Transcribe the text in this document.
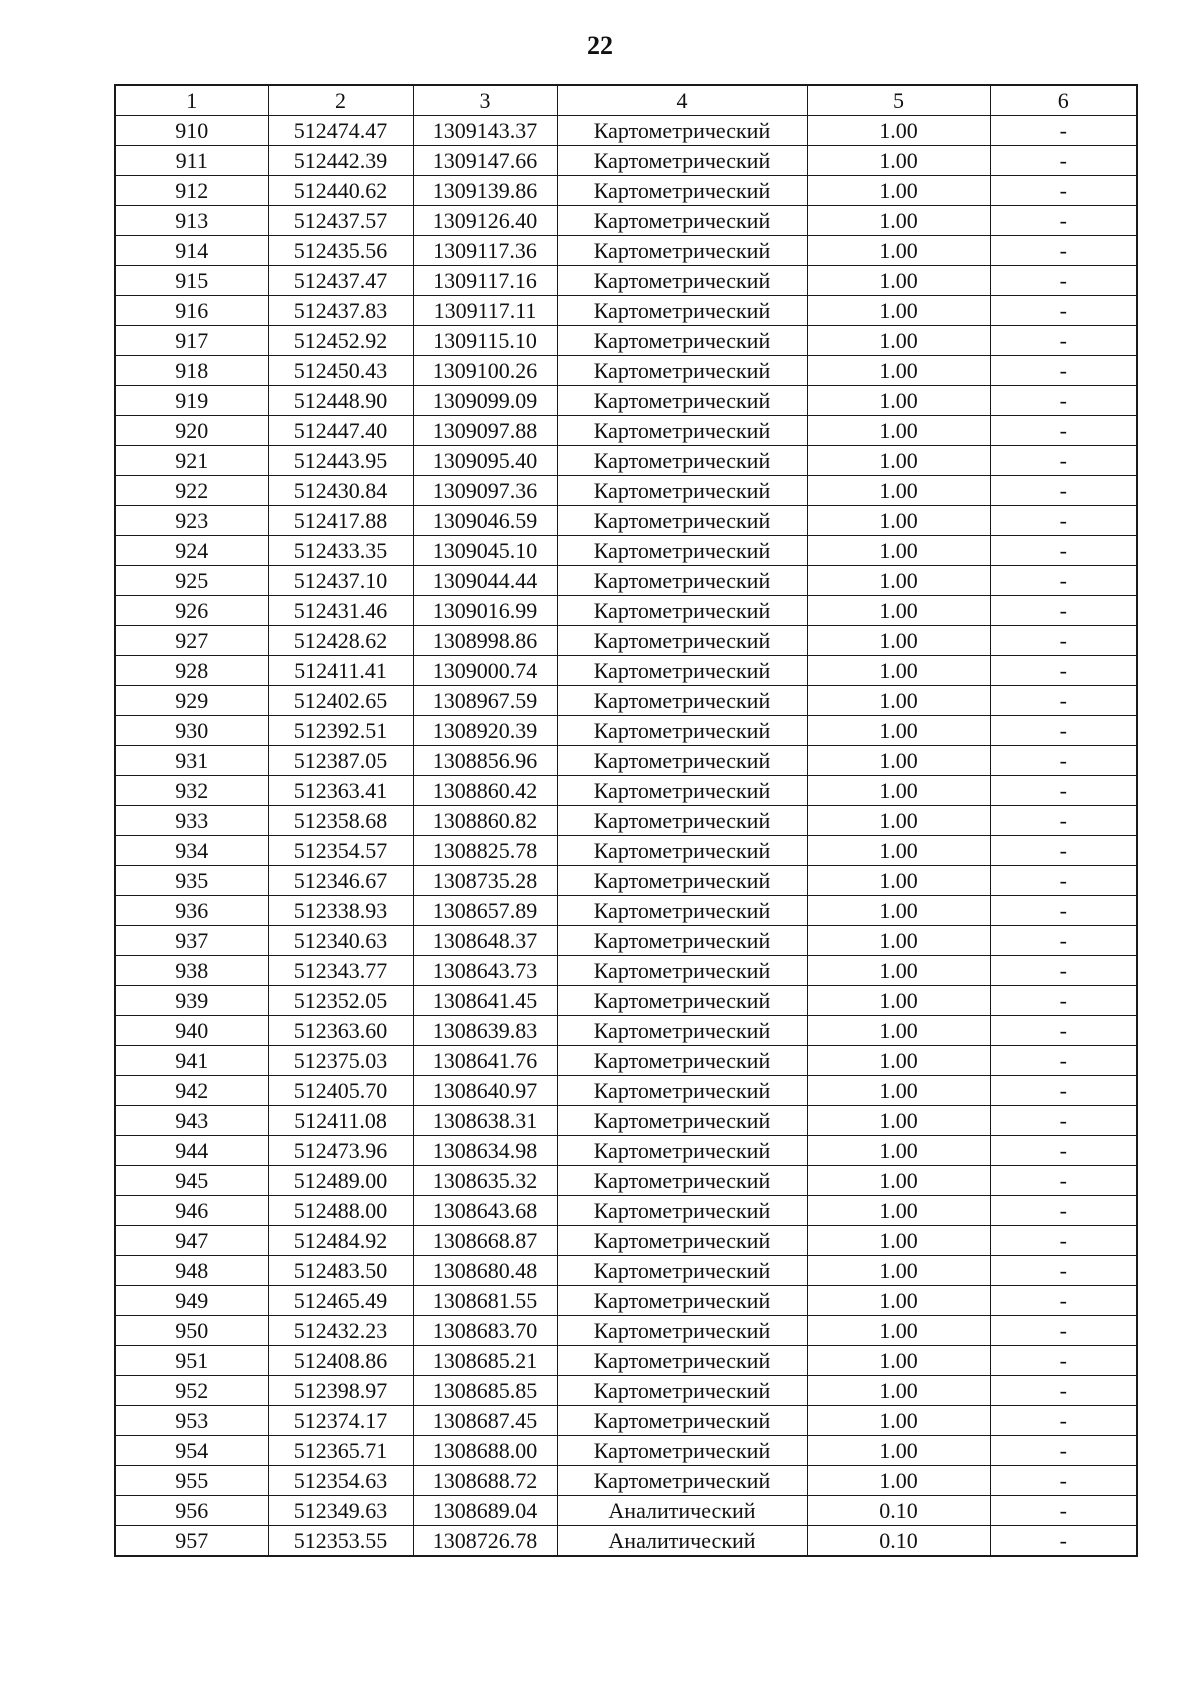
22
1	2	3	4	5	6
910	512474.47	1309143.37	Картометрический	1.00	-
911	512442.39	1309147.66	Картометрический	1.00	-
912	512440.62	1309139.86	Картометрический	1.00	-
913	512437.57	1309126.40	Картометрический	1.00	-
914	512435.56	1309117.36	Картометрический	1.00	-
915	512437.47	1309117.16	Картометрический	1.00	-
916	512437.83	1309117.11	Картометрический	1.00	-
917	512452.92	1309115.10	Картометрический	1.00	-
918	512450.43	1309100.26	Картометрический	1.00	-
919	512448.90	1309099.09	Картометрический	1.00	-
920	512447.40	1309097.88	Картометрический	1.00	-
921	512443.95	1309095.40	Картометрический	1.00	-
922	512430.84	1309097.36	Картометрический	1.00	-
923	512417.88	1309046.59	Картометрический	1.00	-
924	512433.35	1309045.10	Картометрический	1.00	-
925	512437.10	1309044.44	Картометрический	1.00	-
926	512431.46	1309016.99	Картометрический	1.00	-
927	512428.62	1308998.86	Картометрический	1.00	-
928	512411.41	1309000.74	Картометрический	1.00	-
929	512402.65	1308967.59	Картометрический	1.00	-
930	512392.51	1308920.39	Картометрический	1.00	-
931	512387.05	1308856.96	Картометрический	1.00	-
932	512363.41	1308860.42	Картометрический	1.00	-
933	512358.68	1308860.82	Картометрический	1.00	-
934	512354.57	1308825.78	Картометрический	1.00	-
935	512346.67	1308735.28	Картометрический	1.00	-
936	512338.93	1308657.89	Картометрический	1.00	-
937	512340.63	1308648.37	Картометрический	1.00	-
938	512343.77	1308643.73	Картометрический	1.00	-
939	512352.05	1308641.45	Картометрический	1.00	-
940	512363.60	1308639.83	Картометрический	1.00	-
941	512375.03	1308641.76	Картометрический	1.00	-
942	512405.70	1308640.97	Картометрический	1.00	-
943	512411.08	1308638.31	Картометрический	1.00	-
944	512473.96	1308634.98	Картометрический	1.00	-
945	512489.00	1308635.32	Картометрический	1.00	-
946	512488.00	1308643.68	Картометрический	1.00	-
947	512484.92	1308668.87	Картометрический	1.00	-
948	512483.50	1308680.48	Картометрический	1.00	-
949	512465.49	1308681.55	Картометрический	1.00	-
950	512432.23	1308683.70	Картометрический	1.00	-
951	512408.86	1308685.21	Картометрический	1.00	-
952	512398.97	1308685.85	Картометрический	1.00	-
953	512374.17	1308687.45	Картометрический	1.00	-
954	512365.71	1308688.00	Картометрический	1.00	-
955	512354.63	1308688.72	Картометрический	1.00	-
956	512349.63	1308689.04	Аналитический	0.10	-
957	512353.55	1308726.78	Аналитический	0.10	-
